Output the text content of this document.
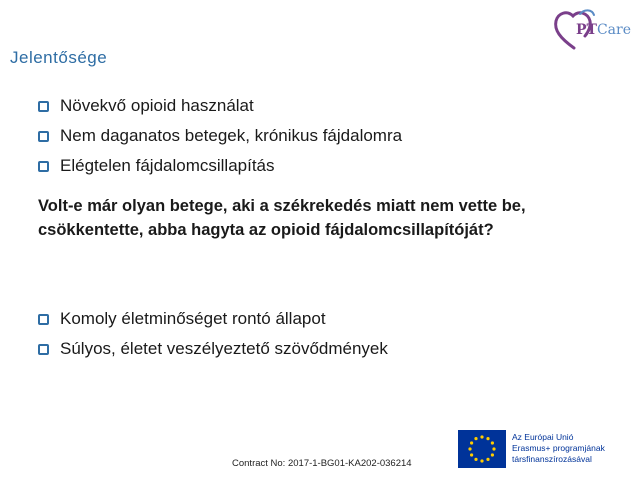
PTCare
Jelentősége
Növekvő opioid használat
Nem daganatos betegek, krónikus fájdalomra
Elégtelen fájdalomcsillapítás
Volt-e már olyan betege, aki a székrekedés miatt nem vette be, csökkentette, abba hagyta az opioid fájdalomcsillapítóját?
Komoly életminőséget rontó állapot
Súlyos, életet veszélyeztető szövődmények
Contract No: 2017-1-BG01-KA202-036214
Az Európai Unió
Erasmus+ programjának
társfinanszírozásával
